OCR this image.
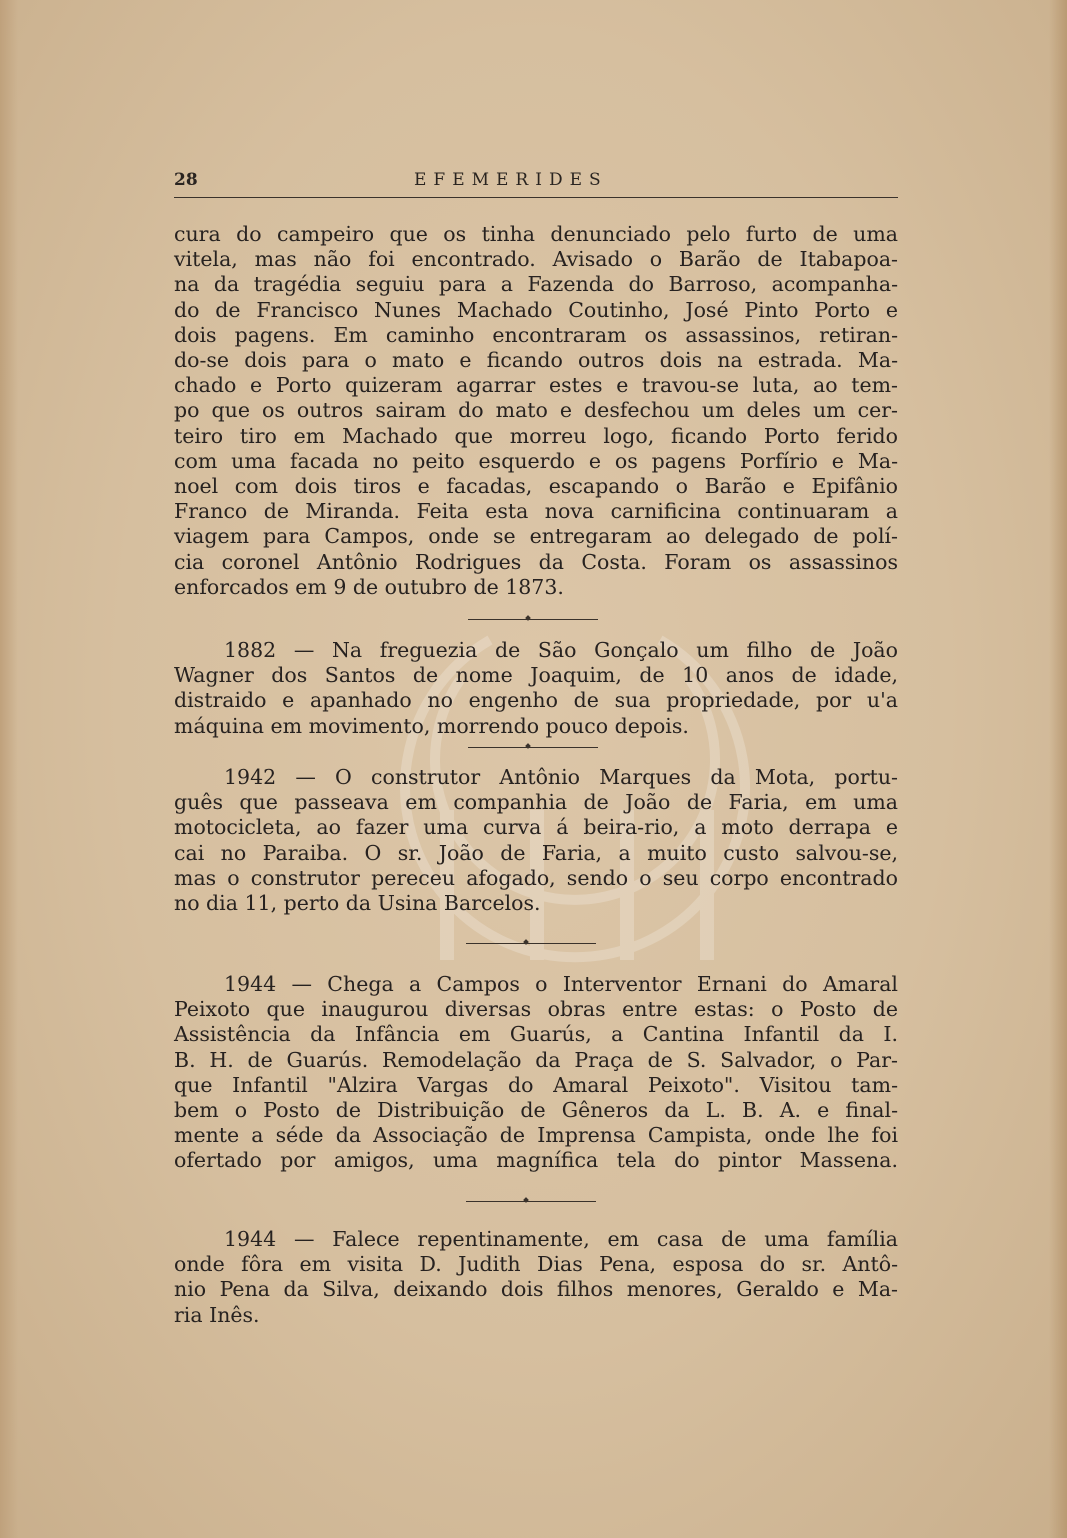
28	EFEMERIDES

cura do campeiro que os tinha denunciado pelo furto de uma
vitela, mas não foi encontrado. Avisado o Barão de Itabapoa-
na da tragédia seguiu para a Fazenda do Barroso, acompanha-
do de Francisco Nunes Machado Coutinho, José Pinto Porto e
dois pagens. Em caminho encontraram os assassinos, retiran-
do-se dois para o mato e ficando outros dois na estrada. Ma-
chado e Porto quizeram agarrar estes e travou-se luta, ao tem-
po que os outros sairam do mato e desfechou um deles um cer-
teiro tiro em Machado que morreu logo, ficando Porto ferido
com uma facada no peito esquerdo e os pagens Porfírio e Ma-
noel com dois tiros e facadas, escapando o Barão e Epifânio
Franco de Miranda. Feita esta nova carnificina continuaram a
viagem para Campos, onde se entregaram ao delegado de polí-
cia coronel Antônio Rodrigues da Costa. Foram os assassinos
enforcados em 9 de outubro de 1873.

1882 — Na freguezia de São Gonçalo um filho de João
Wagner dos Santos de nome Joaquim, de 10 anos de idade,
distraido e apanhado no engenho de sua propriedade, por u'a
máquina em movimento, morrendo pouco depois.

1942 — O construtor Antônio Marques da Mota, portu-
guês que passeava em companhia de João de Faria, em uma
motocicleta, ao fazer uma curva á beira-rio, a moto derrapa e
cai no Paraiba. O sr. João de Faria, a muito custo salvou-se,
mas o construtor pereceu afogado, sendo o seu corpo encontrado
no dia 11, perto da Usina Barcelos.

1944 — Chega a Campos o Interventor Ernani do Amaral
Peixoto que inaugurou diversas obras entre estas: o Posto de
Assistência da Infância em Guarús, a Cantina Infantil da I.
B. H. de Guarús. Remodelação da Praça de S. Salvador, o Par-
que Infantil "Alzira Vargas do Amaral Peixoto". Visitou tam-
bem o Posto de Distribuição de Gêneros da L. B. A. e final-
mente a séde da Associação de Imprensa Campista, onde lhe foi
ofertado por amigos, uma magnífica tela do pintor Massena.

1944 — Falece repentinamente, em casa de uma família
onde fôra em visita D. Judith Dias Pena, esposa do sr. Antô-
nio Pena da Silva, deixando dois filhos menores, Geraldo e Ma-
ria Inês.
